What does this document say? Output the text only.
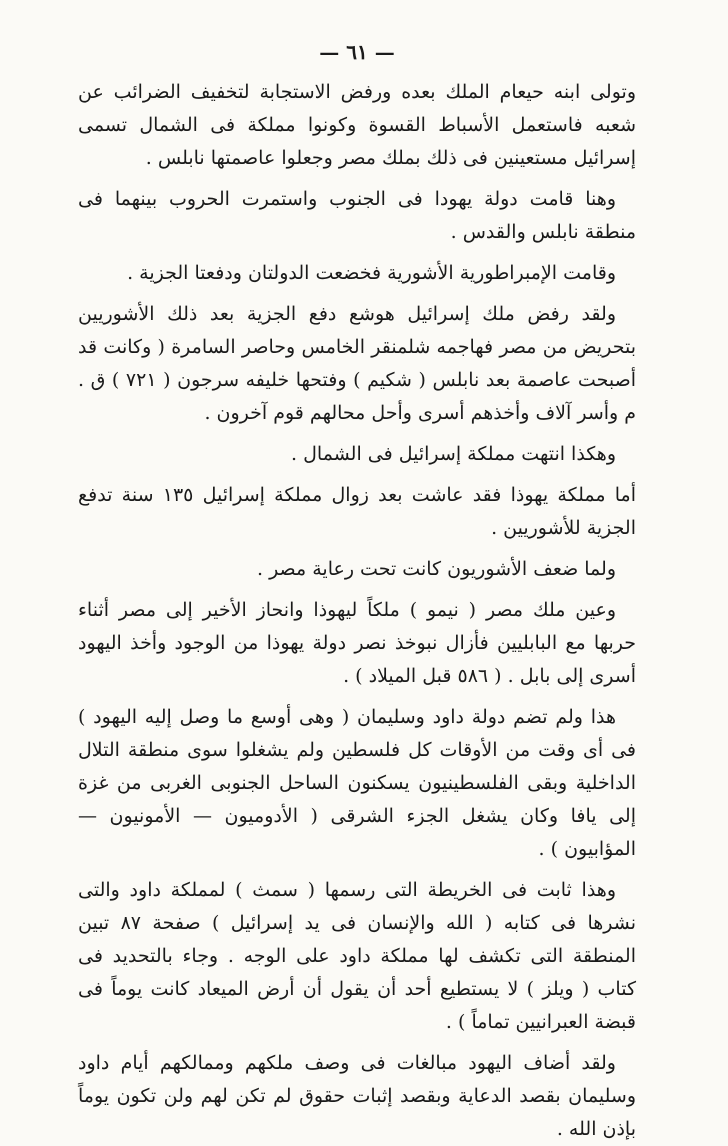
— ٦١ —

وتولى ابنه حيعام الملك بعده ورفض الاستجابة لتخفيف الضرائب عن شعبه فاستعمل الأسباط القسوة وكونوا مملكة فى الشمال تسمى إسرائيل مستعينين فى ذلك بملك مصر وجعلوا عاصمتها نابلس .

وهنا قامت دولة يهودا فى الجنوب واستمرت الحروب بينهما فى منطقة نابلس والقدس .

وقامت الإمبراطورية الأشورية فخضعت الدولتان ودفعتا الجزية .

ولقد رفض ملك إسرائيل هوشع دفع الجزية بعد ذلك الأشوريين بتحريض من مصر فهاجمه شلمنقر الخامس وحاصر السامرة ( وكانت قد أصبحت عاصمة بعد نابلس ( شكيم ) وفتحها خليفه سرجون ( ٧٢١ ) ق . م وأسر آلاف وأخذهم أسرى وأحل محالهم قوم آخرون .

وهكذا انتهت مملكة إسرائيل فى الشمال .

أما مملكة يهوذا فقد عاشت بعد زوال مملكة إسرائيل ١٣٥ سنة تدفع الجزية للأشوريين .

ولما ضعف الأشوريون كانت تحت رعاية مصر .

وعين ملك مصر ( نيمو ) ملكاً ليهوذا وانحاز الأخير إلى مصر أثناء حربها مع البابليين فأزال نبوخذ نصر دولة يهوذا من الوجود وأخذ اليهود أسرى إلى بابل . ( ٥٨٦ قبل الميلاد ) .

هذا ولم تضم دولة داود وسليمان ( وهى أوسع ما وصل إليه اليهود ) فى أى وقت من الأوقات كل فلسطين ولم يشغلوا سوى منطقة التلال الداخلية وبقى الفلسطينيون يسكنون الساحل الجنوبى الغربى من غزة إلى يافا وكان يشغل الجزء الشرقى ( الأدوميون — الأمونيون — المؤابيون ) .

وهذا ثابت فى الخريطة التى رسمها ( سمث ) لمملكة داود والتى نشرها فى كتابه ( الله والإنسان فى يد إسرائيل ) صفحة ٨٧ تبين المنطقة التى تكشف لها مملكة داود على الوجه . وجاء بالتحديد فى كتاب ( ويلز ) لا يستطيع أحد أن يقول أن أرض الميعاد كانت يوماً فى قبضة العبرانيين تماماً ) .

ولقد أضاف اليهود مبالغات فى وصف ملكهم وممالكهم أيام داود وسليمان بقصد الدعاية وبقصد إثبات حقوق لم تكن لهم ولن تكون يوماً بإذن الله .
